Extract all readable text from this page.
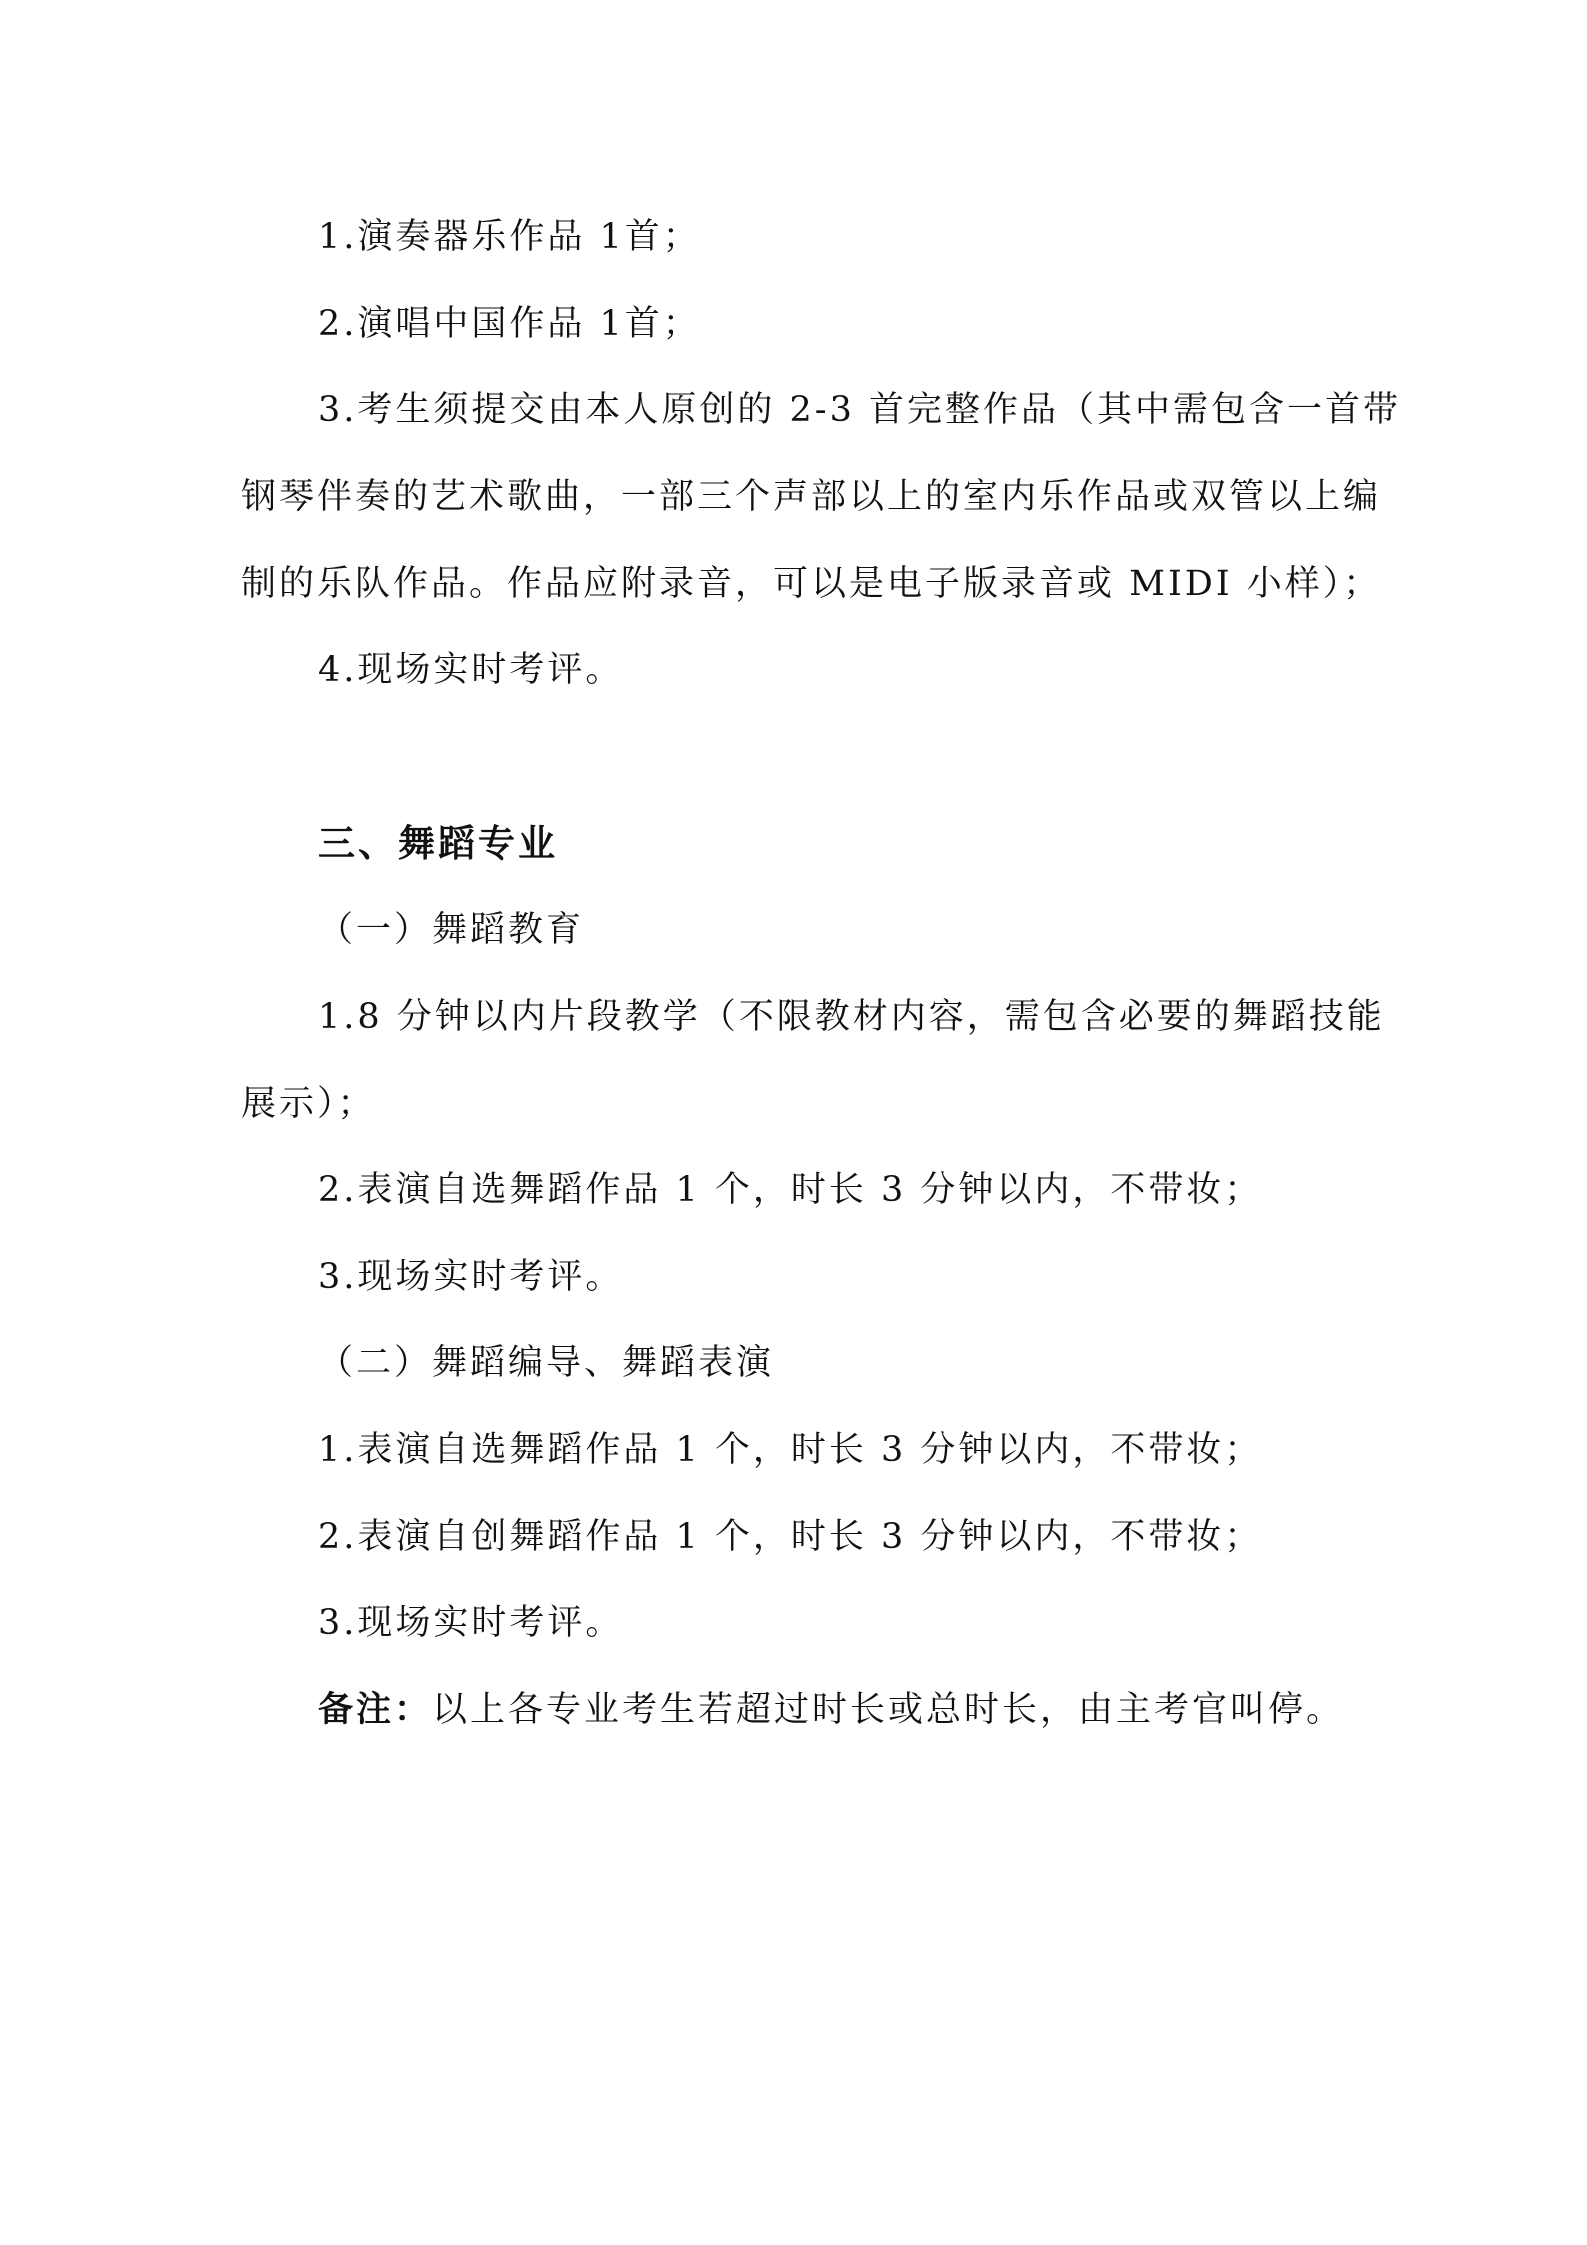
1.演奏器乐作品 1首；
2.演唱中国作品 1首；
3.考生须提交由本人原创的 2-3 首完整作品（其中需包含一首带
钢琴伴奏的艺术歌曲，一部三个声部以上的室内乐作品或双管以上编
制的乐队作品。作品应附录音，可以是电子版录音或 MIDI 小样）；
4.现场实时考评。
三、舞蹈专业
（一）舞蹈教育
1.8 分钟以内片段教学（不限教材内容，需包含必要的舞蹈技能
展示）；
2.表演自选舞蹈作品 1 个，时长 3 分钟以内，不带妆；
3.现场实时考评。
（二）舞蹈编导、舞蹈表演
1.表演自选舞蹈作品 1 个，时长 3 分钟以内，不带妆；
2.表演自创舞蹈作品 1 个，时长 3 分钟以内，不带妆；
3.现场实时考评。
备注：以上各专业考生若超过时长或总时长，由主考官叫停。
